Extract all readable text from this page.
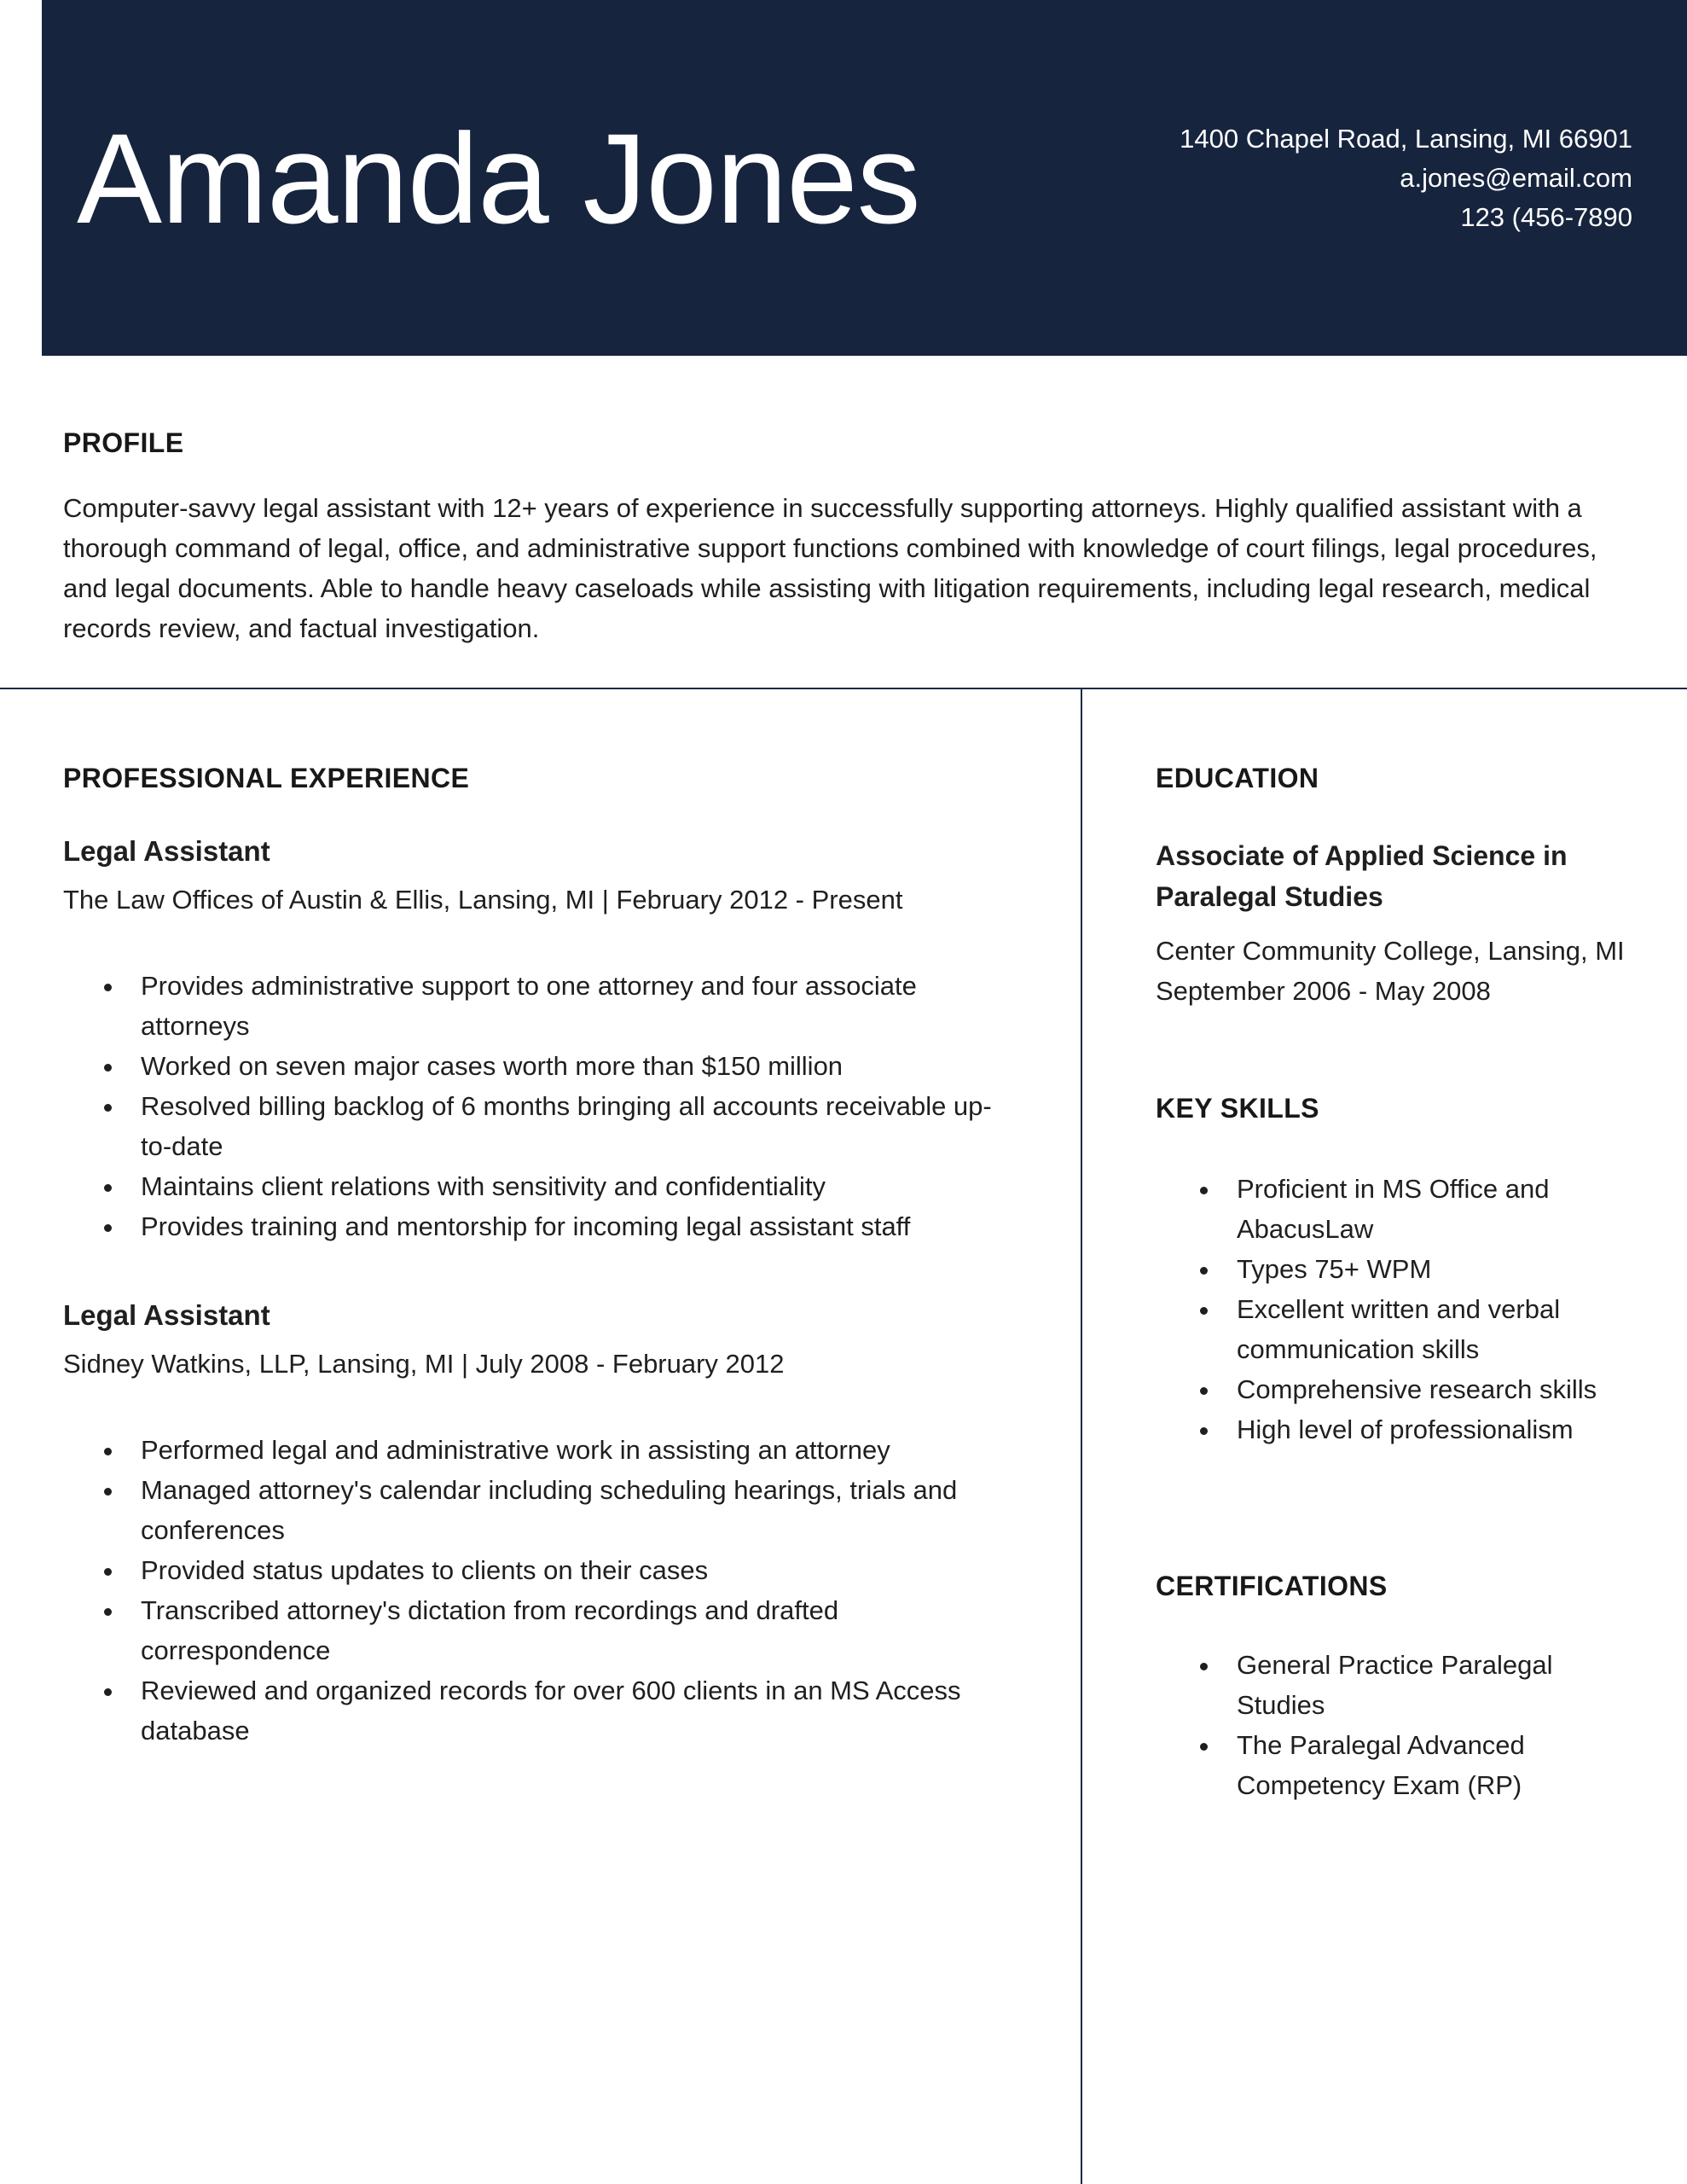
Amanda Jones	1400 Chapel Road, Lansing, MI 66901
a.jones@email.com
123 (456-7890
PROFILE

Computer-savvy legal assistant with 12+ years of experience in successfully supporting attorneys. Highly qualified assistant with a thorough command of legal, office, and administrative support functions combined with knowledge of court filings, legal procedures, and legal documents. Able to handle heavy caseloads while assisting with litigation requirements, including legal research, medical records review, and factual investigation.

PROFESSIONAL EXPERIENCE
Legal Assistant

The Law Offices of Austin & Ellis, Lansing, MI | February 2012 - Present

• Provides administrative support to one attorney and four associate attorneys
• Worked on seven major cases worth more than $150 million
• Resolved billing backlog of 6 months bringing all accounts receivable up-to-date
• Maintains client relations with sensitivity and confidentiality
• Provides training and mentorship for incoming legal assistant staff
Legal Assistant

Sidney Watkins, LLP, Lansing, MI | July 2008 - February 2012

• Performed legal and administrative work in assisting an attorney
• Managed attorney's calendar including scheduling hearings, trials and conferences
• Provided status updates to clients on their cases
• Transcribed attorney's dictation from recordings and drafted correspondence
• Reviewed and organized records for over 600 clients in an MS Access database
EDUCATION
Associate of Applied Science in Paralegal Studies

Center Community College, Lansing, MI

September 2006 - May 2008

KEY SKILLS
• Proficient in MS Office and AbacusLaw
• Types 75+ WPM
• Excellent written and verbal communication skills
• Comprehensive research skills
• High level of professionalism
CERTIFICATIONS
• General Practice Paralegal Studies
• The Paralegal Advanced Competency Exam (RP)
